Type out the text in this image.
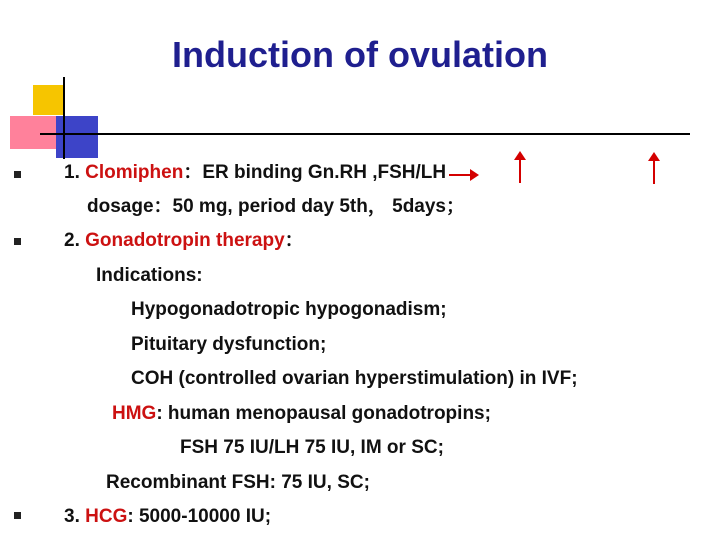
Induction of ovulation
1. Clomiphen：ER binding Gn.RH ,FSH/LH
dosage：50 mg, period day 5th， 5days；
2. Gonadotropin therapy：
Indications:
Hypogonadotropic hypogonadism;
Pituitary dysfunction;
COH (controlled ovarian hyperstimulation) in IVF;
HMG: human menopausal gonadotropins;
FSH 75 IU/LH 75 IU, IM or SC;
Recombinant FSH: 75 IU, SC;
3. HCG: 5000-10000 IU;
